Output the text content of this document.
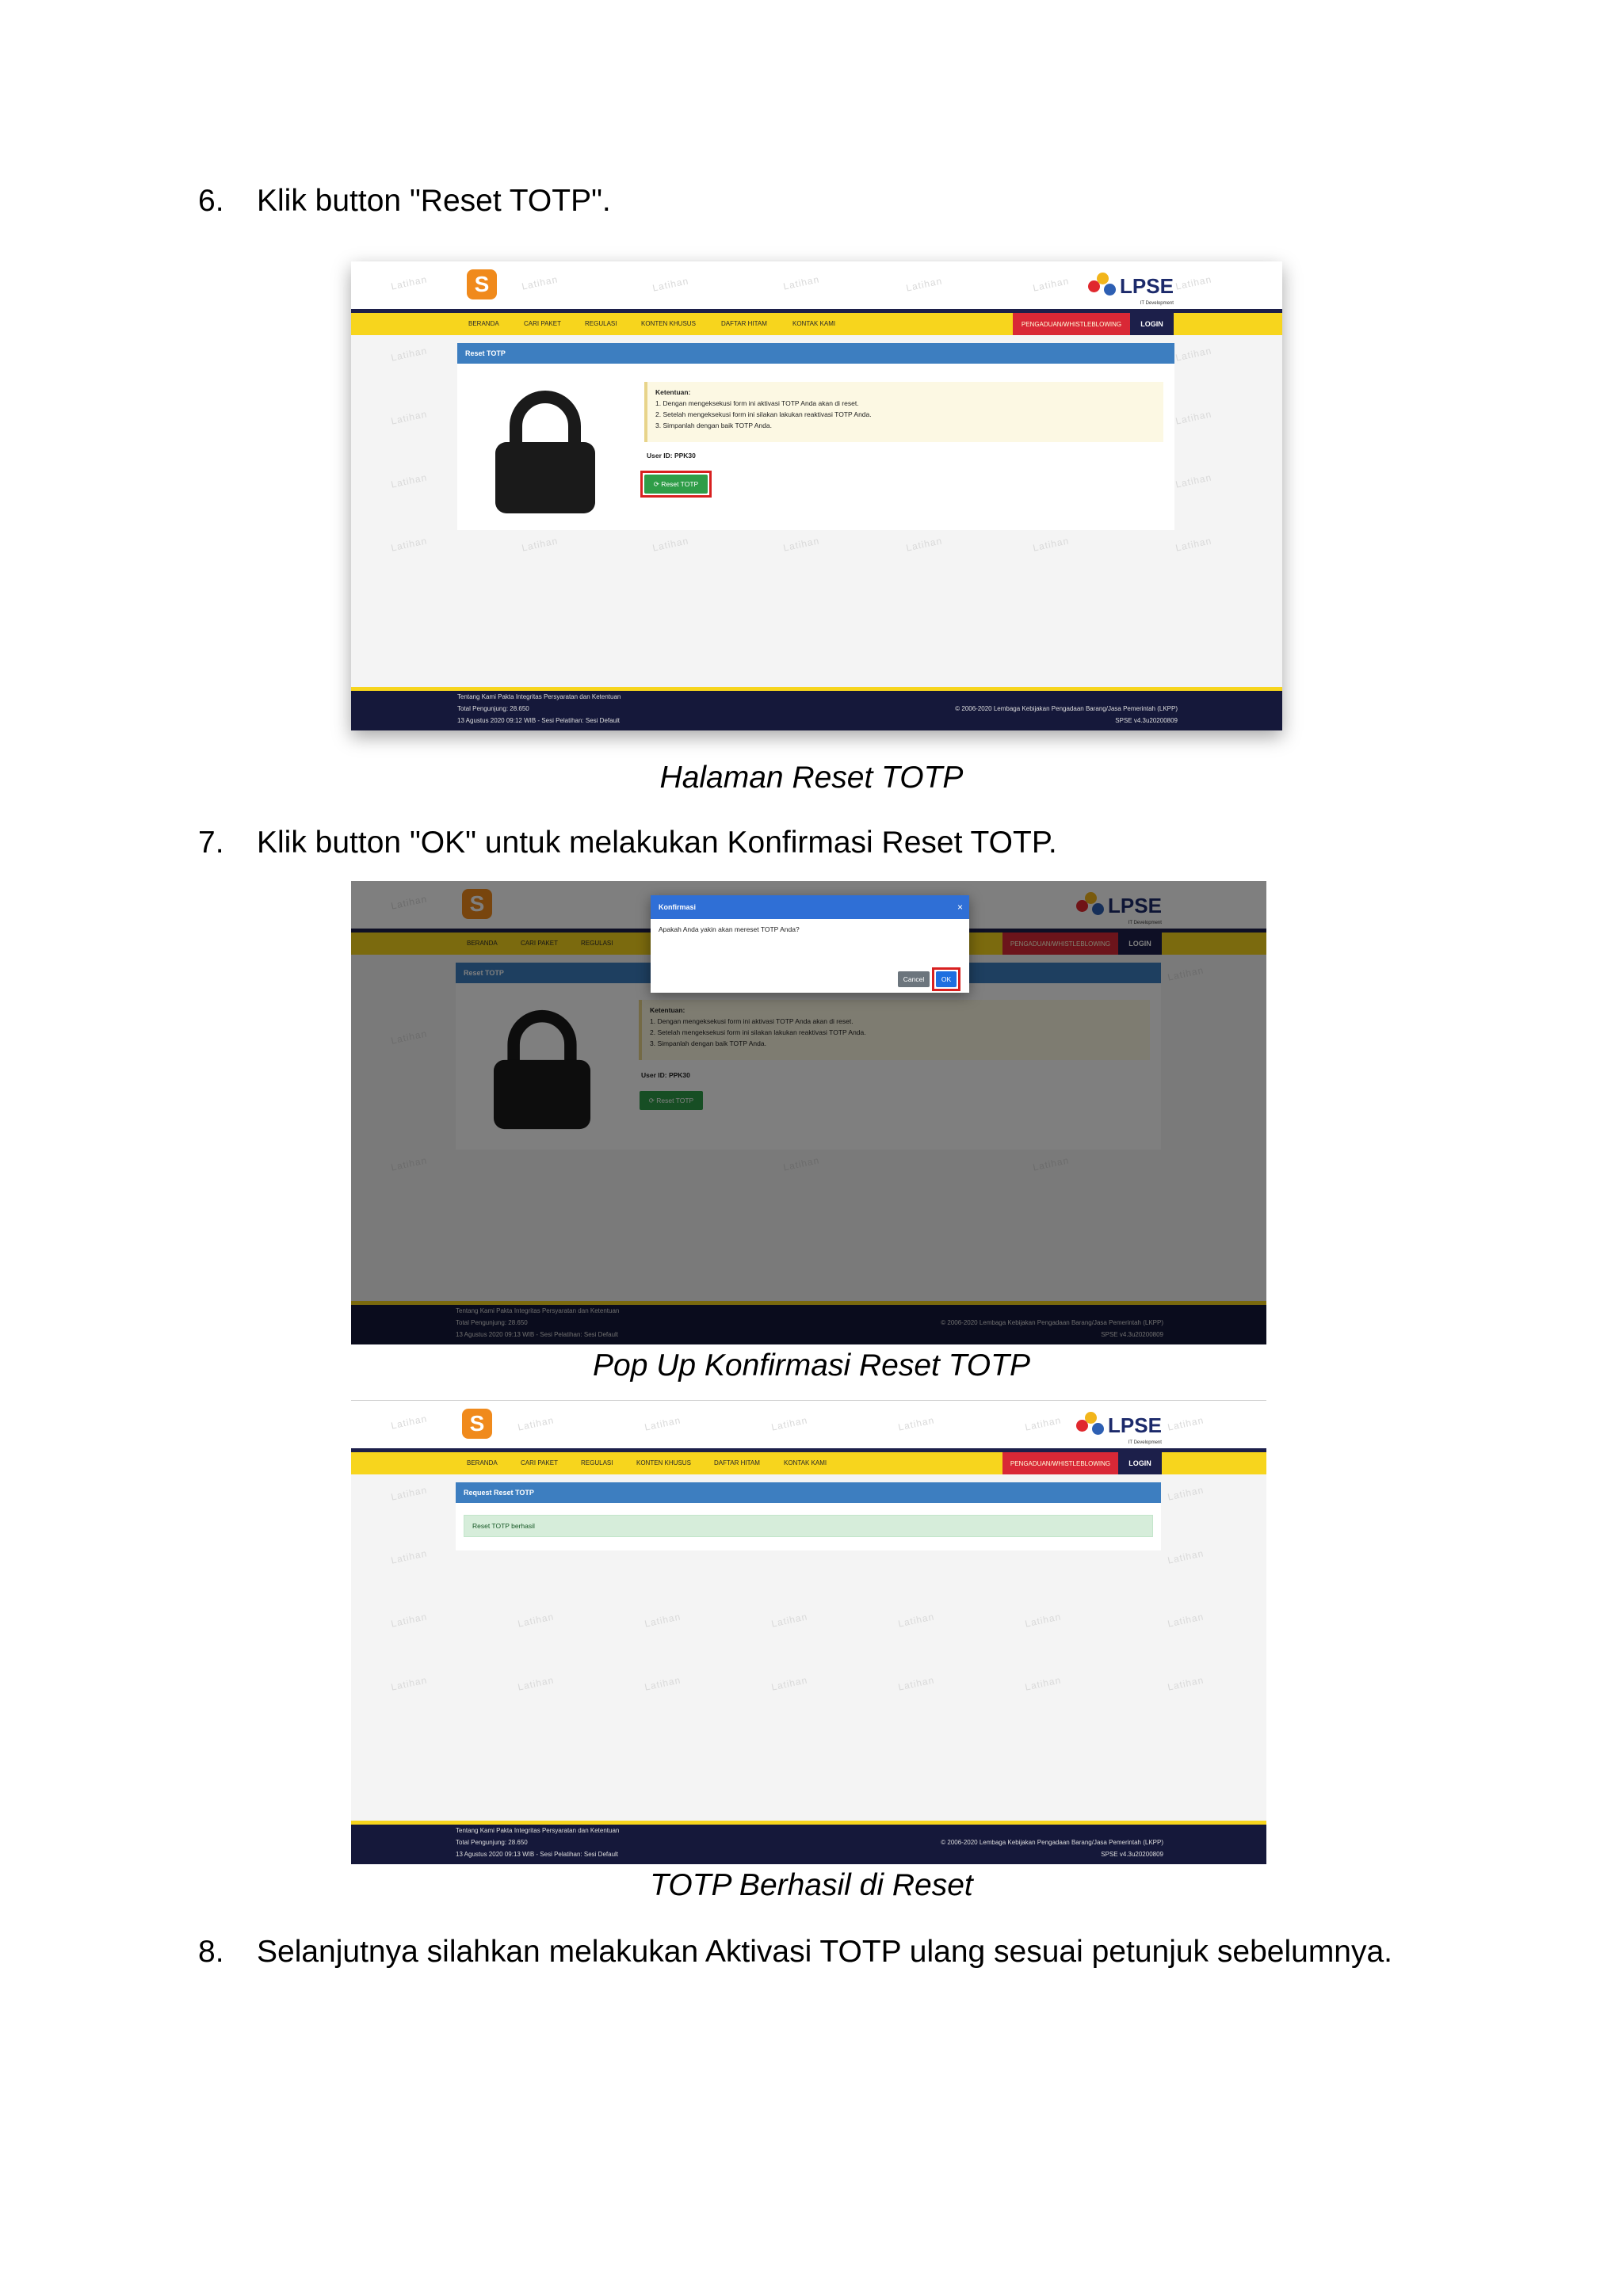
6. Klik button "Reset TOTP".
S	LPSE
IT Development
BERANDA	CARI PAKET	REGULASI	KONTEN KHUSUS	DAFTAR HITAM	KONTAK KAMI	PENGADUAN/WHISTLEBLOWING	LOGIN
Reset TOTP
Ketentuan:
1. Dengan mengeksekusi form ini aktivasi TOTP Anda akan di reset.
2. Setelah mengeksekusi form ini silakan lakukan reaktivasi TOTP Anda.
3. Simpanlah dengan baik TOTP Anda.
User ID: PPK30
⟳ Reset TOTP
Tentang Kami Pakta Integritas Persyaratan dan Ketentuan
Total Pengunjung: 28.650
13 Agustus 2020 09:12 WIB - Sesi Pelatihan: Sesi Default
© 2006-2020 Lembaga Kebijakan Pengadaan Barang/Jasa Pemerintah (LKPP)
SPSE v4.3u20200809
Latihan	Latihan	Latihan	Latihan	Latihan	Latihan	Latihan
Latihan
Latihan
Latihan
Latihan
Latihan
Latihan
Latihan
Latihan
Latihan	Latihan	Latihan	Latihan	Latihan
Halaman Reset TOTP
7. Klik button "OK" untuk melakukan Konfirmasi Reset TOTP.
Konfirmasi	×
Apakah Anda yakin akan mereset TOTP Anda?
Cancel	OK
Pop Up Konfirmasi Reset TOTP
S	LPSE
IT Development
BERANDA	CARI PAKET	REGULASI	KONTEN KHUSUS	DAFTAR HITAM	KONTAK KAMI	PENGADUAN/WHISTLEBLOWING	LOGIN
Request Reset TOTP
Reset TOTP berhasil
Tentang Kami Pakta Integritas Persyaratan dan Ketentuan
Total Pengunjung: 28.650
13 Agustus 2020 09:13 WIB - Sesi Pelatihan: Sesi Default
© 2006-2020 Lembaga Kebijakan Pengadaan Barang/Jasa Pemerintah (LKPP)
SPSE v4.3u20200809
Latihan	Latihan	Latihan	Latihan	Latihan	Latihan	Latihan
Latihan	Latihan
Latihan	Latihan
Latihan	Latihan	Latihan	Latihan	Latihan	Latihan	Latihan
Latihan	Latihan	Latihan	Latihan	Latihan	Latihan	Latihan
TOTP Berhasil di Reset
8. Selanjutnya silahkan melakukan Aktivasi TOTP ulang sesuai petunjuk sebelumnya.
